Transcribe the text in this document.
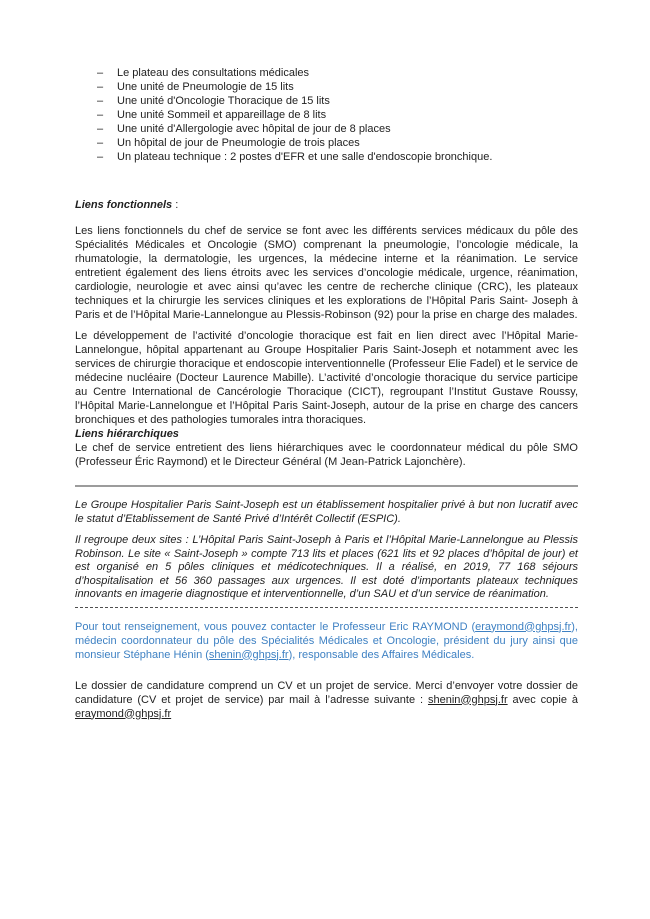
– Le plateau des consultations médicales
– Une unité de Pneumologie de 15 lits
– Une unité d'Oncologie Thoracique de 15 lits
– Une unité Sommeil et appareillage de 8 lits
– Une unité d'Allergologie avec hôpital de jour de 8 places
– Un hôpital de jour de Pneumologie de trois places
– Un plateau technique : 2 postes d'EFR et une salle d'endoscopie bronchique.
Liens fonctionnels :

Les liens fonctionnels du chef de service se font avec les différents services médicaux du pôle des Spécialités Médicales et Oncologie (SMO) comprenant la pneumologie, l’oncologie médicale, la rhumatologie, la dermatologie, les urgences, la médecine interne et la réanimation. Le service entretient également des liens étroits avec les services d’oncologie médicale, urgence, réanimation, cardiologie, neurologie et avec ainsi qu’avec les centre de recherche clinique (CRC), les plateaux techniques et la chirurgie les services cliniques et les explorations de l’Hôpital Paris Saint- Joseph à Paris et de l’Hôpital Marie-Lannelongue au Plessis-Robinson (92) pour la prise en charge des malades.

Le développement de l’activité d’oncologie thoracique est fait en lien direct avec l’Hôpital Marie-Lannelongue, hôpital appartenant au Groupe Hospitalier Paris Saint-Joseph et notamment avec les services de chirurgie thoracique et endoscopie interventionnelle (Professeur Elie Fadel) et le service de médecine nucléaire (Docteur Laurence Mabille). L’activité d’oncologie thoracique du service participe au Centre International de Cancérologie Thoracique (CICT), regroupant l’Institut Gustave Roussy, l’Hôpital Marie-Lannelongue et l’Hôpital Paris Saint-Joseph, autour de la prise en charge des cancers bronchiques et des pathologies tumorales intra thoraciques.

Liens hiérarchiques

Le chef de service entretient des liens hiérarchiques avec le coordonnateur médical du pôle SMO (Professeur Éric Raymond) et le Directeur Général (M Jean-Patrick Lajonchère).

Le Groupe Hospitalier Paris Saint-Joseph est un établissement hospitalier privé à but non lucratif avec le statut d’Etablissement de Santé Privé d’Intérêt Collectif (ESPIC).

Il regroupe deux sites : L’Hôpital Paris Saint-Joseph à Paris et l’Hôpital Marie-Lannelongue au Plessis Robinson. Le site « Saint-Joseph » compte 713 lits et places (621 lits et 92 places d’hôpital de jour) et est organisé en 5 pôles cliniques et médicotechniques. Il a réalisé, en 2019, 77 168 séjours d’hospitalisation et 56 360 passages aux urgences. Il est doté d’importants plateaux techniques innovants en imagerie diagnostique et interventionnelle, d’un SAU et d’un service de réanimation.

Pour tout renseignement, vous pouvez contacter le Professeur Eric RAYMOND (eraymond@ghpsj.fr), médecin coordonnateur du pôle des Spécialités Médicales et Oncologie, président du jury ainsi que monsieur Stéphane Hénin (shenin@ghpsj.fr), responsable des Affaires Médicales.

Le dossier de candidature comprend un CV et un projet de service. Merci d’envoyer votre dossier de candidature (CV et projet de service) par mail à l’adresse suivante : shenin@ghpsj.fr avec copie à eraymond@ghpsj.fr
